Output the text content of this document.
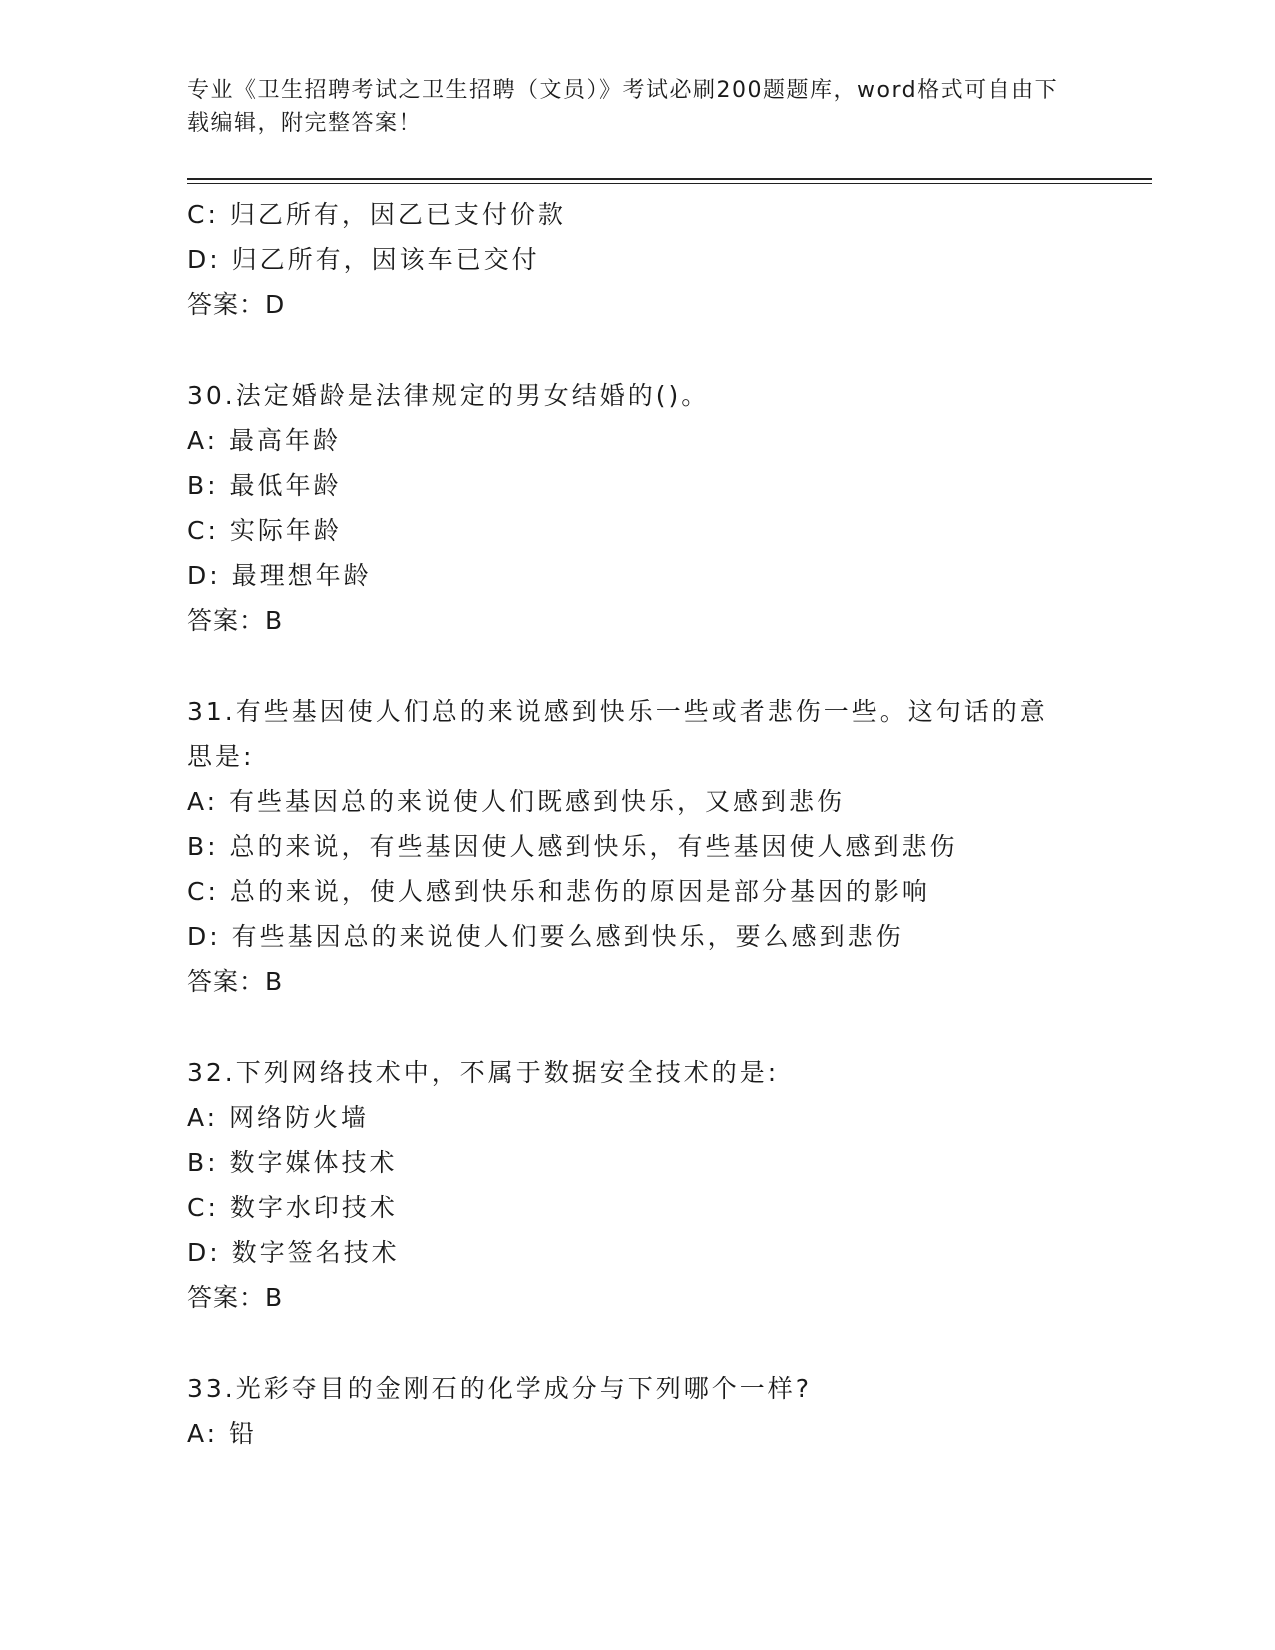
专业《卫生招聘考试之卫生招聘（文员）》考试必刷200题题库，word格式可自由下载编辑，附完整答案！
C: 归乙所有，因乙已支付价款
D: 归乙所有，因该车已交付
答案：D
30.法定婚龄是法律规定的男女结婚的()。
A: 最高年龄
B: 最低年龄
C: 实际年龄
D: 最理想年龄
答案：B
31.有些基因使人们总的来说感到快乐一些或者悲伤一些。这句话的意思是:
A: 有些基因总的来说使人们既感到快乐，又感到悲伤
B: 总的来说，有些基因使人感到快乐，有些基因使人感到悲伤
C: 总的来说，使人感到快乐和悲伤的原因是部分基因的影响
D: 有些基因总的来说使人们要么感到快乐，要么感到悲伤
答案：B
32.下列网络技术中，不属于数据安全技术的是:
A: 网络防火墙
B: 数字媒体技术
C: 数字水印技术
D: 数字签名技术
答案：B
33.光彩夺目的金刚石的化学成分与下列哪个一样?
A: 铅
